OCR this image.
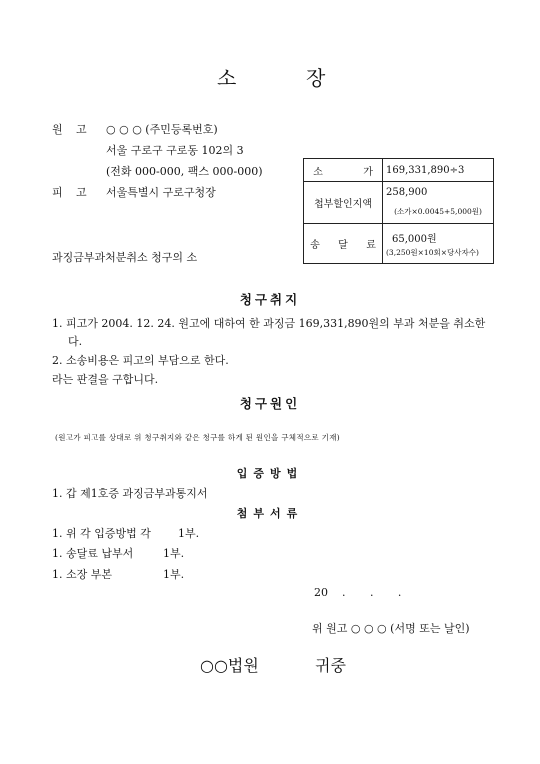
소	장
원 고 ○ ○ ○ (주민등록번호)
서울 구로구 구로동 102의 3
(전화 000-000, 팩스 000-000)
피 고 서울특별시 구로구청장
과징금부과처분취소 청구의 소
소 가	169,331,890÷3
첩부할인지액	258,900
(소가×0.0045+5,000원)

송 달 료	65,000원
(3,250원×10회×당사자수)
청구취지
1. 피고가 2004. 12. 24. 원고에 대하여 한 과징금 169,331,890원의 부과 처분을 취소한
다.
2. 소송비용은 피고의 부담으로 한다.
라는 판결을 구합니다.
청구원인
(원고가 피고를 상대로 위 청구취지와 같은 청구를 하게 된 원인을 구체적으로 기재)
입증방법
1. 갑 제1호증 과징금부과통지서
첨부서류
1. 위 각 입증방법 각 1부.
1. 송달료 납부서	1부.
1. 소장 부본	1부.
20    .       .       .
위 원고 ○ ○ ○ (서명 또는 날인)
○○법원	귀중
